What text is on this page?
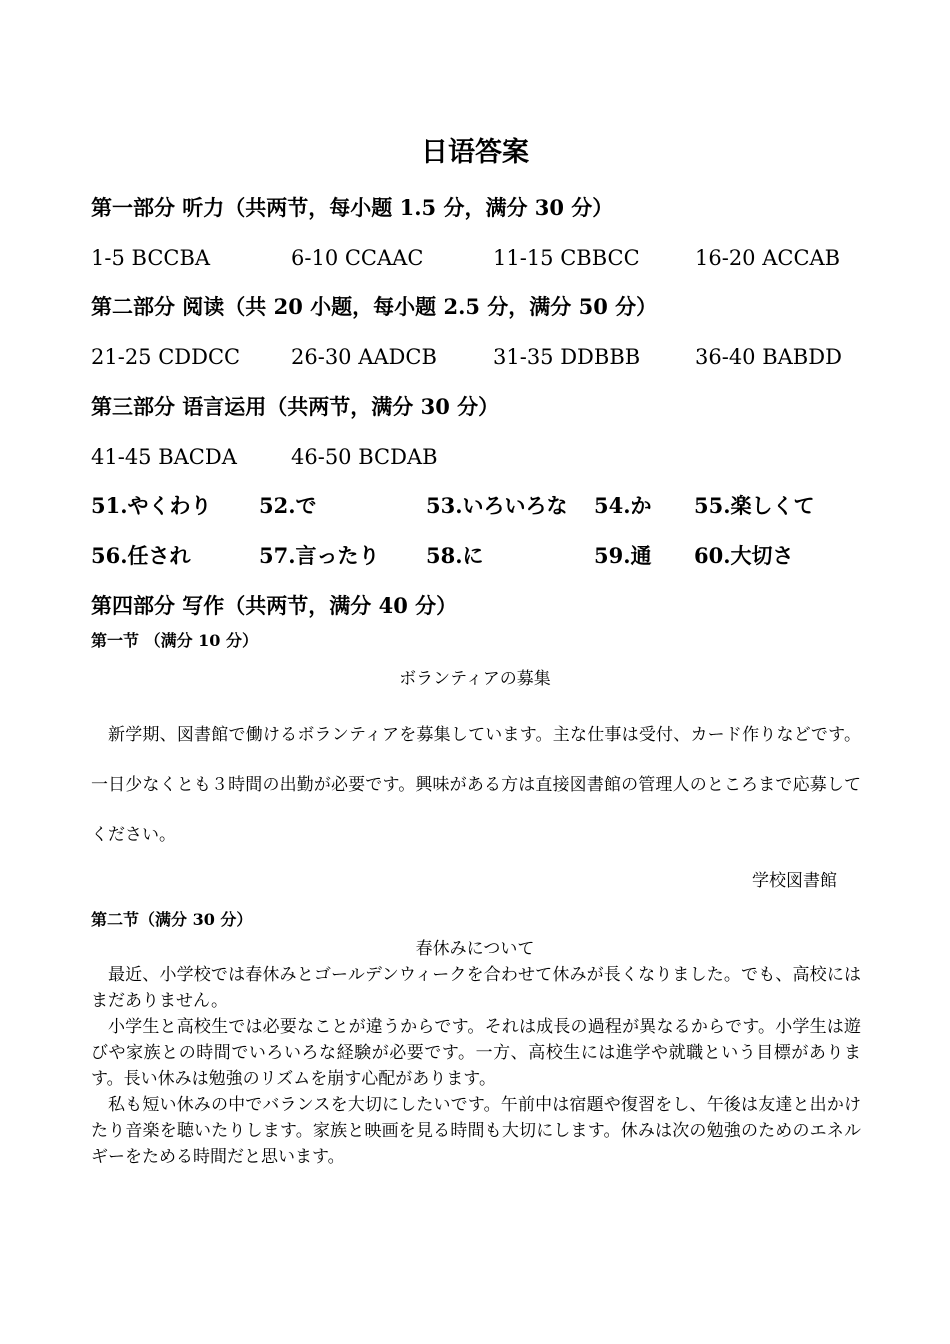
日语答案
第一部分 听力（共两节，每小题 1.5 分，满分 30 分）
1-5 BCCBA	6-10 CCAAC	11-15 CBBCC	16-20 ACCAB
第二部分 阅读（共 20 小题，每小题 2.5 分，满分 50 分）
21-25 CDDCC 26-30 AADCB	31-35 DDBBB	36-40 BABDD
第三部分 语言运用（共两节，满分 30 分）
41-45 BACDA	46-50 BCDAB
51.やくわり 52.で	53.いろいろな 54.か 55.楽しくて
56.任され	57.言ったり 58.に	59.通 60.大切さ
第四部分 写作（共两节，满分 40 分）
第一节 （满分 10 分）
ボランティアの募集
新学期、図書館で働けるボランティアを募集しています。主な仕事は受付、カード作りなどです。一日少なくとも３時間の出勤が必要です。興味がある方は直接図書館の管理人のところまで応募してください。
学校図書館
第二节（满分 30 分）
春休みについて

最近、小学校では春休みとゴールデンウィークを合わせて休みが長くなりました。でも、高校にはまだありません。

小学生と高校生では必要なことが違うからです。それは成長の過程が異なるからです。小学生は遊びや家族との時間でいろいろな経験が必要です。一方、高校生には進学や就職という目標があります。長い休みは勉強のリズムを崩す心配があります。

私も短い休みの中でバランスを大切にしたいです。午前中は宿題や復習をし、午後は友達と出かけたり音楽を聴いたりします。家族と映画を見る時間も大切にします。休みは次の勉強のためのエネルギーをためる時間だと思います。
